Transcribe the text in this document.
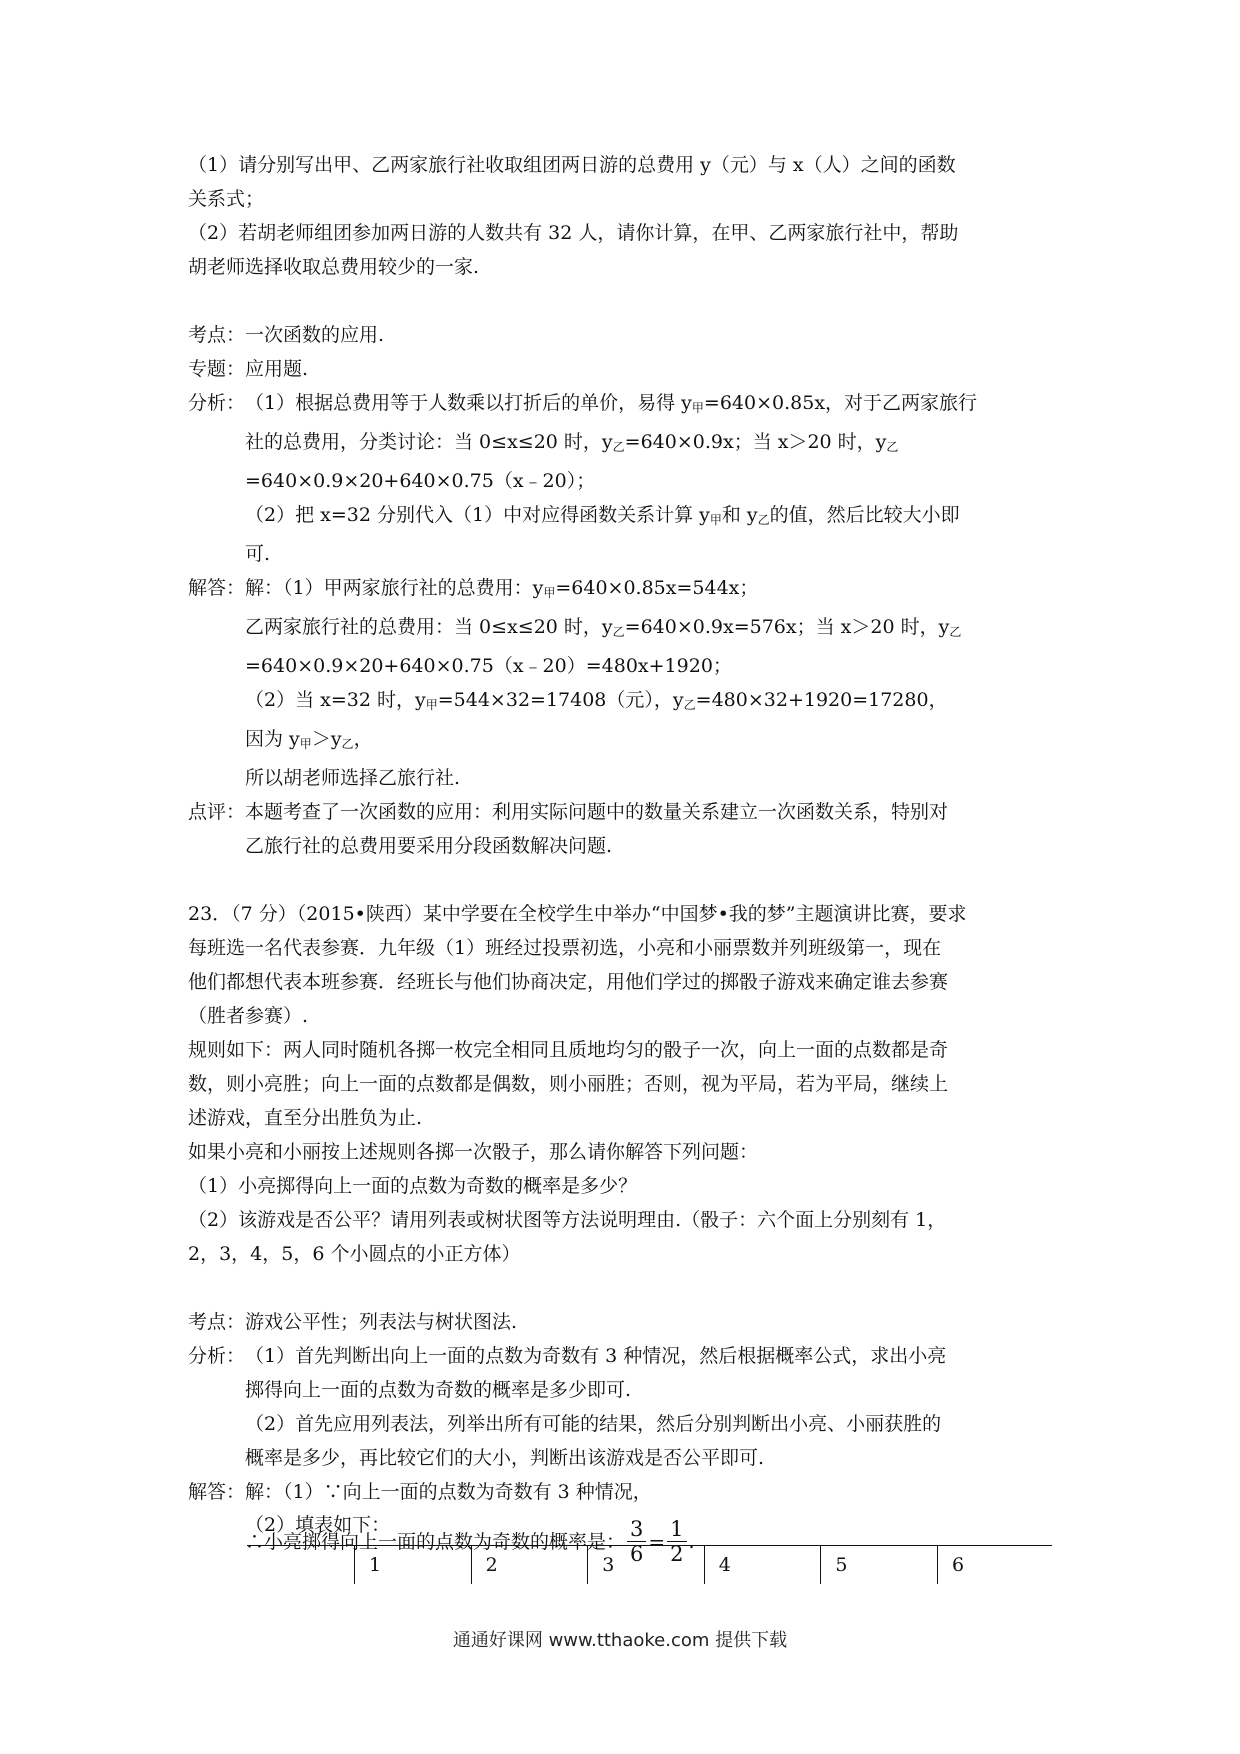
（1）请分别写出甲、乙两家旅行社收取组团两日游的总费用 y（元）与 x（人）之间的函数

关系式；

（2）若胡老师组团参加两日游的人数共有 32 人，请你计算，在甲、乙两家旅行社中，帮助

胡老师选择收取总费用较少的一家.

考点：一次函数的应用.

专题：应用题.

分析： （1）根据总费用等于人数乘以打折后的单价，易得 $y_甲=640\times 0.85x$，对于乙两家旅行

社的总费用，分类讨论：当 0≤x≤20 时，$y_乙=640\times 0.9x$；当 x＞20 时，$y_乙$

=640×0.9×20+640×0.75（x﹣20）；

（2）把 x=32 分别代入（1）中对应得函数关系计算 $y_甲$和 $y_乙$的值，然后比较大小即

可.

解答： 解：（1）甲两家旅行社的总费用：$y_甲=640\times 0.85x=544x$；

乙两家旅行社的总费用：当 0≤x≤20 时，$y_乙=640\times 0.9x=576x$；当 x＞20 时，$y_乙$

=640×0.9×20+640×0.75（x﹣20）=480x+1920；

（2）当 x=32 时，$y_甲=544\times 32=17408$（元），$y_乙=480\times 32+1920=17280$，

因为 $y_甲>y_乙$，

所以胡老师选择乙旅行社.

点评： 本题考查了一次函数的应用：利用实际问题中的数量关系建立一次函数关系，特别对

乙旅行社的总费用要采用分段函数解决问题.

23．（7 分）（2015•陕西）某中学要在全校学生中举办“中国梦•我的梦”主题演讲比赛，要求

每班选一名代表参赛．九年级（1）班经过投票初选，小亮和小丽票数并列班级第一，现在

他们都想代表本班参赛．经班长与他们协商决定，用他们学过的掷骰子游戏来确定谁去参赛

（胜者参赛）.

规则如下：两人同时随机各掷一枚完全相同且质地均匀的骰子一次，向上一面的点数都是奇

数，则小亮胜；向上一面的点数都是偶数，则小丽胜；否则，视为平局，若为平局，继续上

述游戏，直至分出胜负为止.

如果小亮和小丽按上述规则各掷一次骰子，那么请你解答下列问题：

（1）小亮掷得向上一面的点数为奇数的概率是多少？

（2）该游戏是否公平？请用列表或树状图等方法说明理由.（骰子：六个面上分别刻有 1，

2，3，4，5，6 个小圆点的小正方体）

考点：游戏公平性；列表法与树状图法.

分析： （1）首先判断出向上一面的点数为奇数有 3 种情况，然后根据概率公式，求出小亮

掷得向上一面的点数为奇数的概率是多少即可.

（2）首先应用列表法，列举出所有可能的结果，然后分别判断出小亮、小丽获胜的

概率是多少，再比较它们的大小，判断出该游戏是否公平即可.

解答： 解：（1）∵向上一面的点数为奇数有 3 种情况，

∴小亮掷得向上一面的点数为奇数的概率是： $\frac{3}{6} = \frac{1}{2}$ .

（2）填表如下：

	1	2	3	4	5	6
通通好课网 www.tthaoke.com 提供下载
